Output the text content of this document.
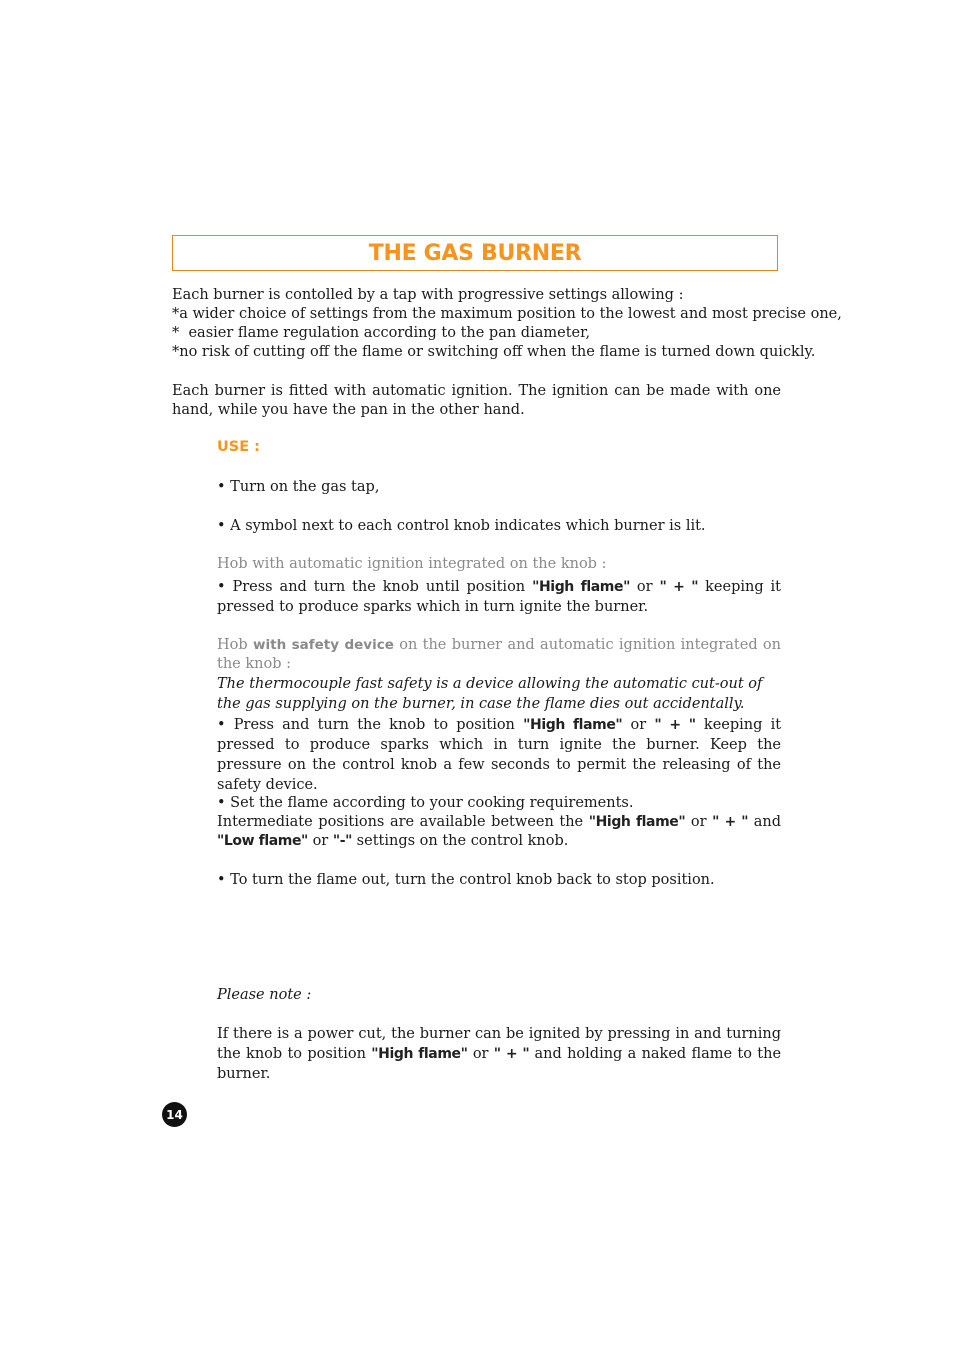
THE GAS BURNER
Each burner is contolled by a tap with progressive settings allowing :
* a wider choice of settings from the maximum position to the lowest and most precise one,
*  easier flame regulation according to the pan diameter,
* no risk of cutting off the flame or switching off when the flame is turned down quickly.
Each burner is fitted with automatic ignition. The ignition can be made with one hand, while you have the pan in the other hand.
USE :
• Turn on the gas tap,
• A symbol next to each control knob indicates which burner is lit.
Hob with automatic ignition integrated on the knob :
• Press and turn the knob until position "High flame" or " + " keeping it pressed to produce sparks which in turn ignite the burner.
Hob with safety device on the burner and automatic ignition integrated on the knob :
The thermocouple fast safety is a device allowing the automatic cut-out of the gas supplying on the burner, in case the flame dies out accidentally.
• Press and turn the knob to position "High flame" or " + " keeping it pressed to produce sparks which in turn ignite the burner. Keep the pressure on the control knob a few seconds to permit the releasing of the safety device.
• Set the flame according to your cooking requirements.
Intermediate positions are available between the "High flame" or " + " and "Low flame" or "-" settings on the control knob.
• To turn the flame out, turn the control knob back to stop position.
Please note :
If there is a power cut, the burner can be ignited by pressing in and turning the knob to position "High flame" or " + " and holding a naked flame to the burner.
14
